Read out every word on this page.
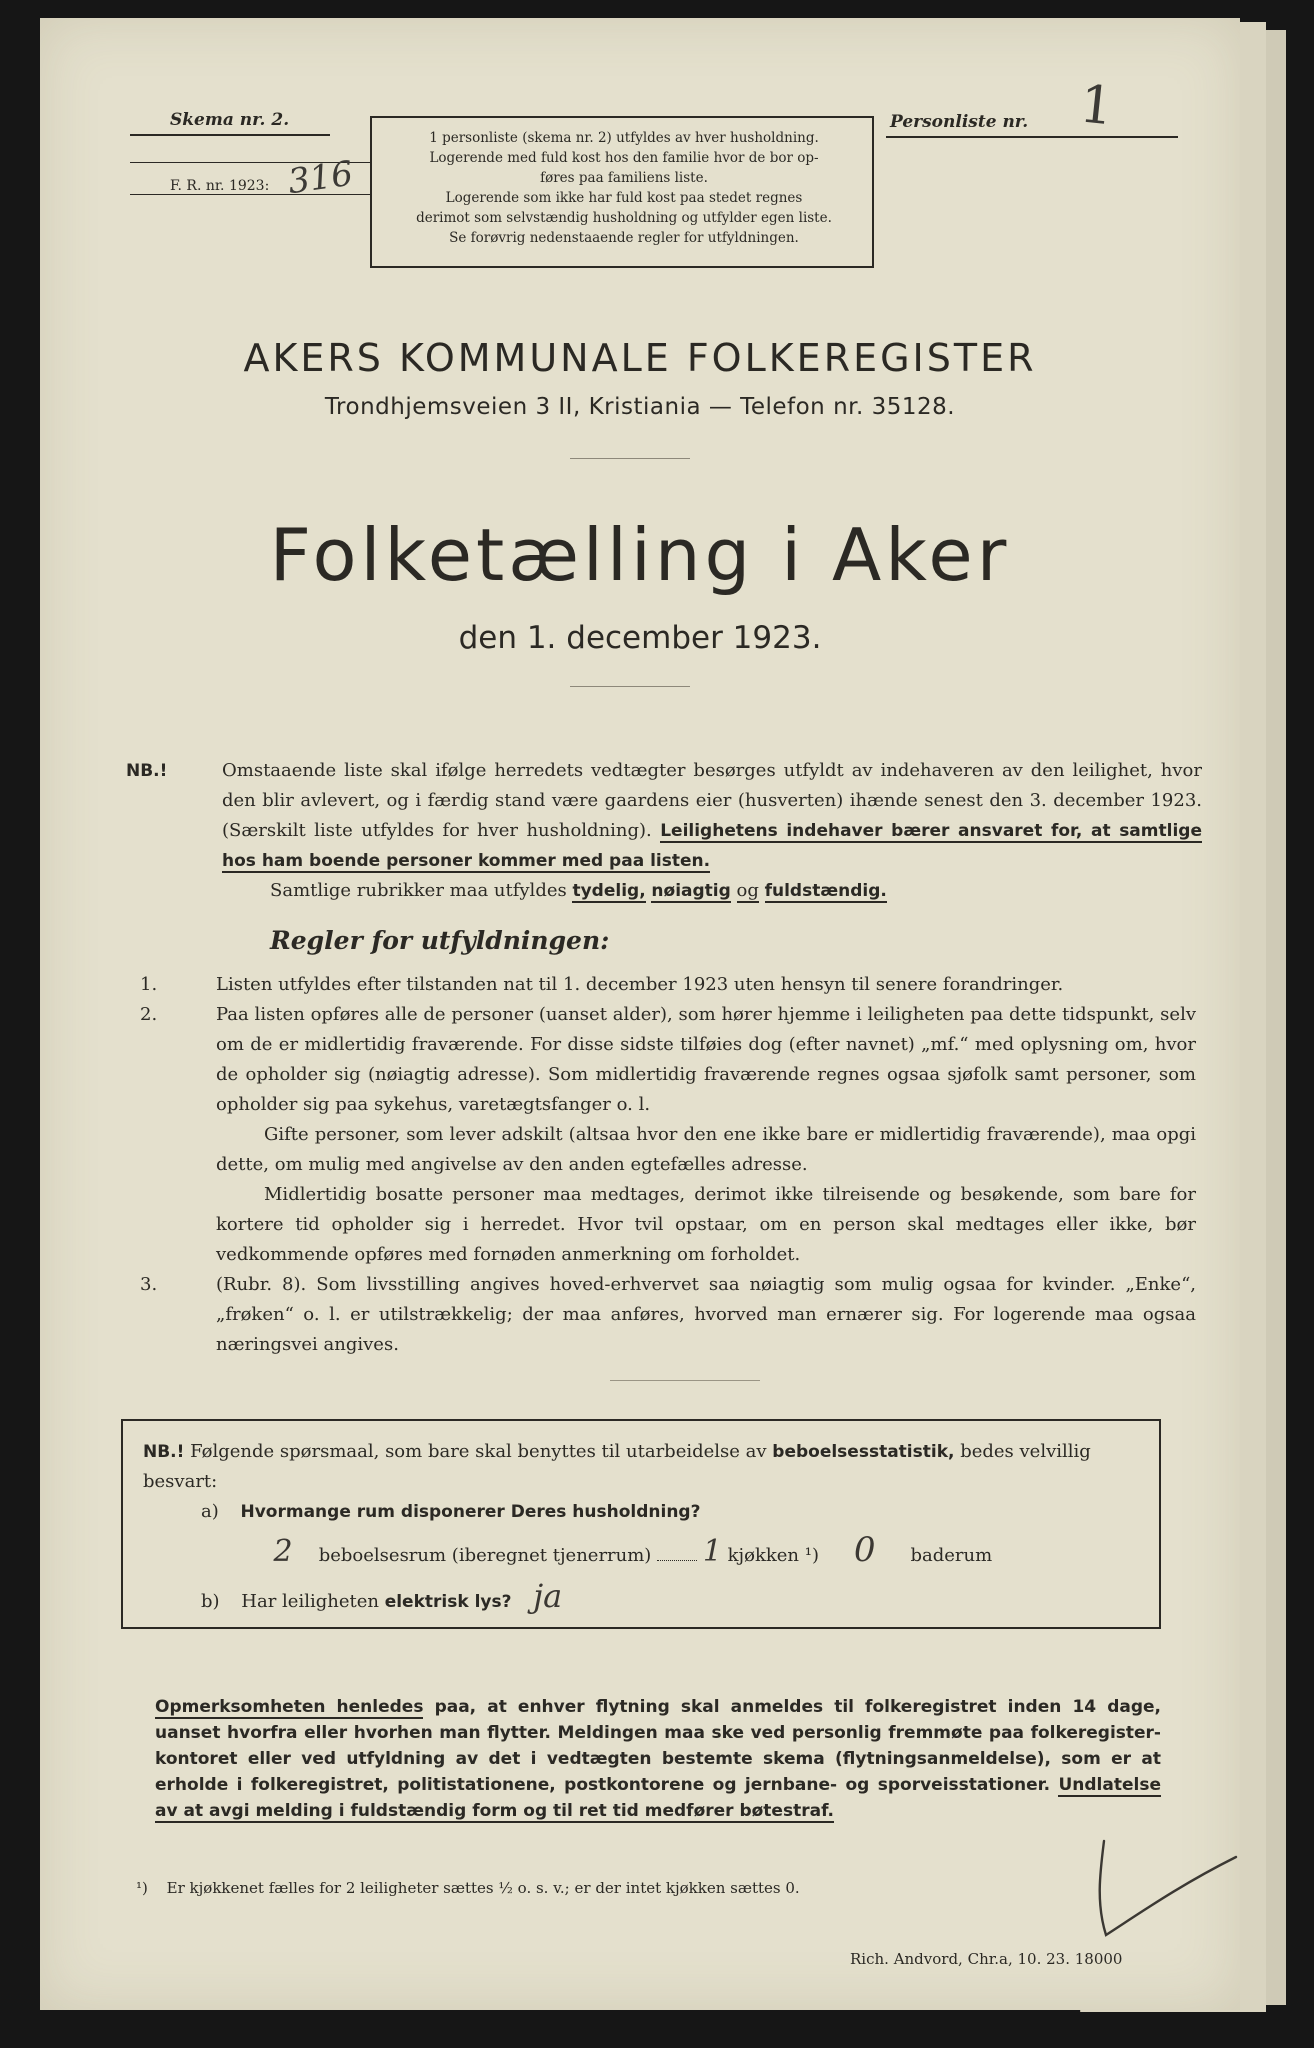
Skema nr. 2.
F. R. nr. 1923: 316

1 personliste (skema nr. 2) utfyldes av hver husholdning.

Logerende med fuld kost hos den familie hvor de bor op-

føres paa familiens liste.

Logerende som ikke har fuld kost paa stedet regnes

derimot som selvstændig husholdning og utfylder egen liste.

Se forøvrig nedenstaaende regler for utfyldningen.

Personliste nr. 1
AKERS KOMMUNALE FOLKEREGISTER
Trondhjemsveien 3 II, Kristiania — Telefon nr. 35128.
Folketælling i Aker
den 1. december 1923.
NB.!	Omstaaende liste skal ifølge herredets vedtægter besørges utfyldt av indehaveren av den leilighet, hvor den blir avlevert, og i færdig stand være gaardens eier (husverten) ihænde senest den 3. december 1923. (Særskilt liste utfyldes for hver husholdning). Leilighetens indehaver bærer ansvaret for, at samtlige hos ham boende personer kommer med paa listen.
Samtlige rubrikker maa utfyldes tydelig, nøiagtig og fuldstændig.
Regler for utfyldningen:
1.	Listen utfyldes efter tilstanden nat til 1. december 1923 uten hensyn til senere forandringer.
2.	Paa listen opføres alle de personer (uanset alder), som hører hjemme i leiligheten paa dette tidspunkt, selv om de er midlertidig fraværende. For disse sidste tilføies dog (efter navnet) „mf.“ med oplysning om, hvor de opholder sig (nøiagtig adresse). Som midlertidig fraværende regnes ogsaa sjøfolk samt personer, som opholder sig paa sykehus, varetægtsfanger o. l.
Gifte personer, som lever adskilt (altsaa hvor den ene ikke bare er midlertidig fraværende), maa opgi dette, om mulig med angivelse av den anden egtefælles adresse.
Midlertidig bosatte personer maa medtages, derimot ikke tilreisende og besøkende, som bare for kortere tid opholder sig i herredet. Hvor tvil opstaar, om en person skal medtages eller ikke, bør vedkommende opføres med fornøden anmerkning om forholdet.
3.	(Rubr. 8). Som livsstilling angives hoved-erhvervet saa nøiagtig som mulig ogsaa for kvinder. „Enke“, „frøken“ o. l. er utilstrækkelig; der maa anføres, hvorved man ernærer sig. For logerende maa ogsaa næringsvei angives.
NB.! Følgende spørsmaal, som bare skal benyttes til utarbeidelse av beboelsesstatistik, bedes velvillig besvart:
a) Hvormange rum disponerer Deres husholdning?
2 beboelsesrum (iberegnet tjenerrum) 1 kjøkken ¹) 0 baderum
b) Har leiligheten elektrisk lys? ja
Opmerksomheten henledes paa, at enhver flytning skal anmeldes til folkeregistret inden 14 dage, uanset hvorfra eller hvorhen man flytter. Meldingen maa ske ved personlig fremmøte paa folkeregister-kontoret eller ved utfyldning av det i vedtægten bestemte skema (flytningsanmeldelse), som er at erholde i folkeregistret, politistationene, postkontorene og jernbane- og sporveisstationer. Undlatelse av at avgi melding i fuldstændig form og til ret tid medfører bøtestraf.
¹) Er kjøkkenet fælles for 2 leiligheter sættes ½ o. s. v.; er der intet kjøkken sættes 0.
Rich. Andvord, Chr.a, 10. 23. 18000
